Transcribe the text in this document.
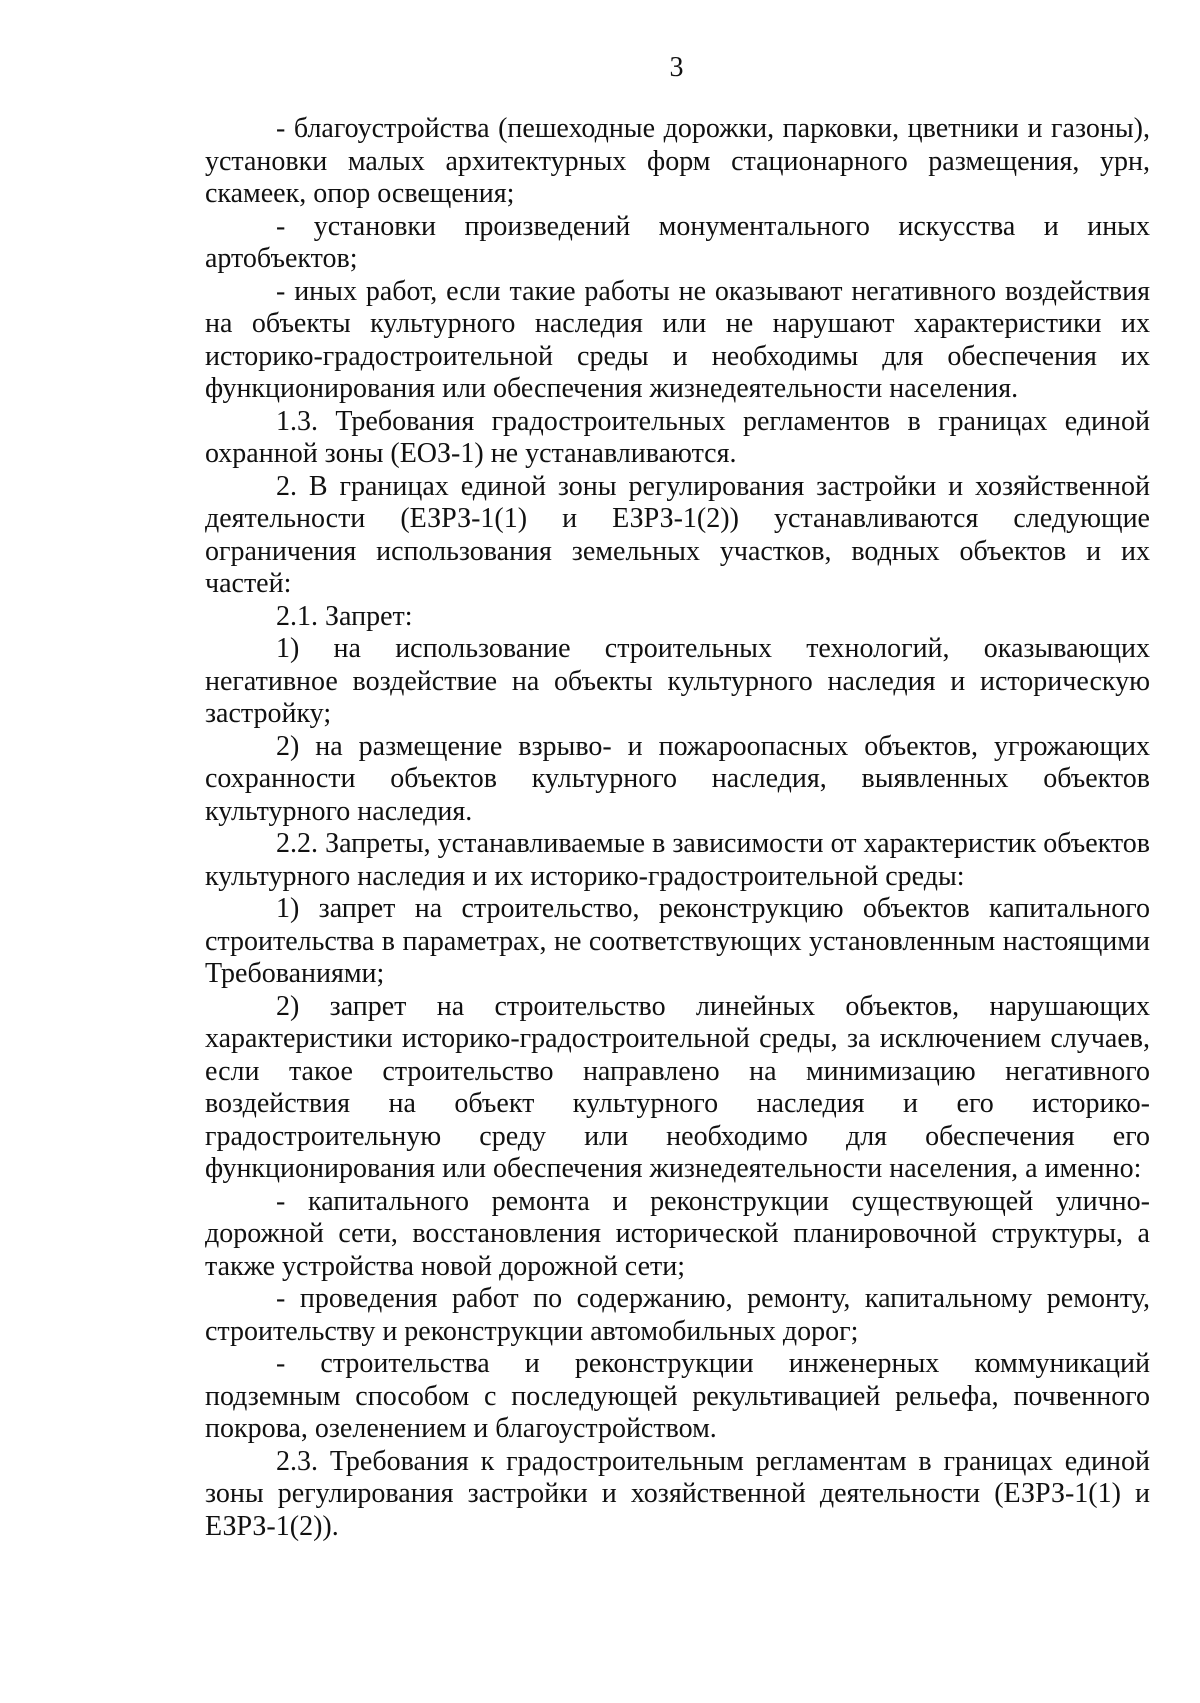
3

- благоустройства (пешеходные дорожки, парковки, цветники и газоны), установки малых архитектурных форм стационарного размещения, урн, скамеек, опор освещения;

- установки произведений монументального искусства и иных артобъектов;

- иных работ, если такие работы не оказывают негативного воздействия на объекты культурного наследия или не нарушают характеристики их историко-градостроительной среды и необходимы для обеспечения их функционирования или обеспечения жизнедеятельности населения.

1.3. Требования градостроительных регламентов в границах единой охранной зоны (ЕОЗ-1) не устанавливаются.

2. В границах единой зоны регулирования застройки и хозяйственной деятельности (ЕЗРЗ-1(1) и ЕЗРЗ-1(2)) устанавливаются следующие ограничения использования земельных участков, водных объектов и их частей:

2.1. Запрет:

1) на использование строительных технологий, оказывающих негативное воздействие на объекты культурного наследия и историческую застройку;

2) на размещение взрыво- и пожароопасных объектов, угрожающих сохранности объектов культурного наследия, выявленных объектов культурного наследия.

2.2. Запреты, устанавливаемые в зависимости от характеристик объектов культурного наследия и их историко-градостроительной среды:

1) запрет на строительство, реконструкцию объектов капитального строительства в параметрах, не соответствующих установленным настоящими Требованиями;

2) запрет на строительство линейных объектов, нарушающих характеристики историко-градостроительной среды, за исключением случаев, если такое строительство направлено на минимизацию негативного воздействия на объект культурного наследия и его историко-градостроительную среду или необходимо для обеспечения его функционирования или обеспечения жизнедеятельности населения, а именно:

- капитального ремонта и реконструкции существующей улично-дорожной сети, восстановления исторической планировочной структуры, а также устройства новой дорожной сети;

- проведения работ по содержанию, ремонту, капитальному ремонту, строительству и реконструкции автомобильных дорог;

- строительства и реконструкции инженерных коммуникаций подземным способом с последующей рекультивацией рельефа, почвенного покрова, озеленением и благоустройством.

2.3. Требования к градостроительным регламентам в границах единой зоны регулирования застройки и хозяйственной деятельности (ЕЗРЗ-1(1) и ЕЗРЗ-1(2)).
